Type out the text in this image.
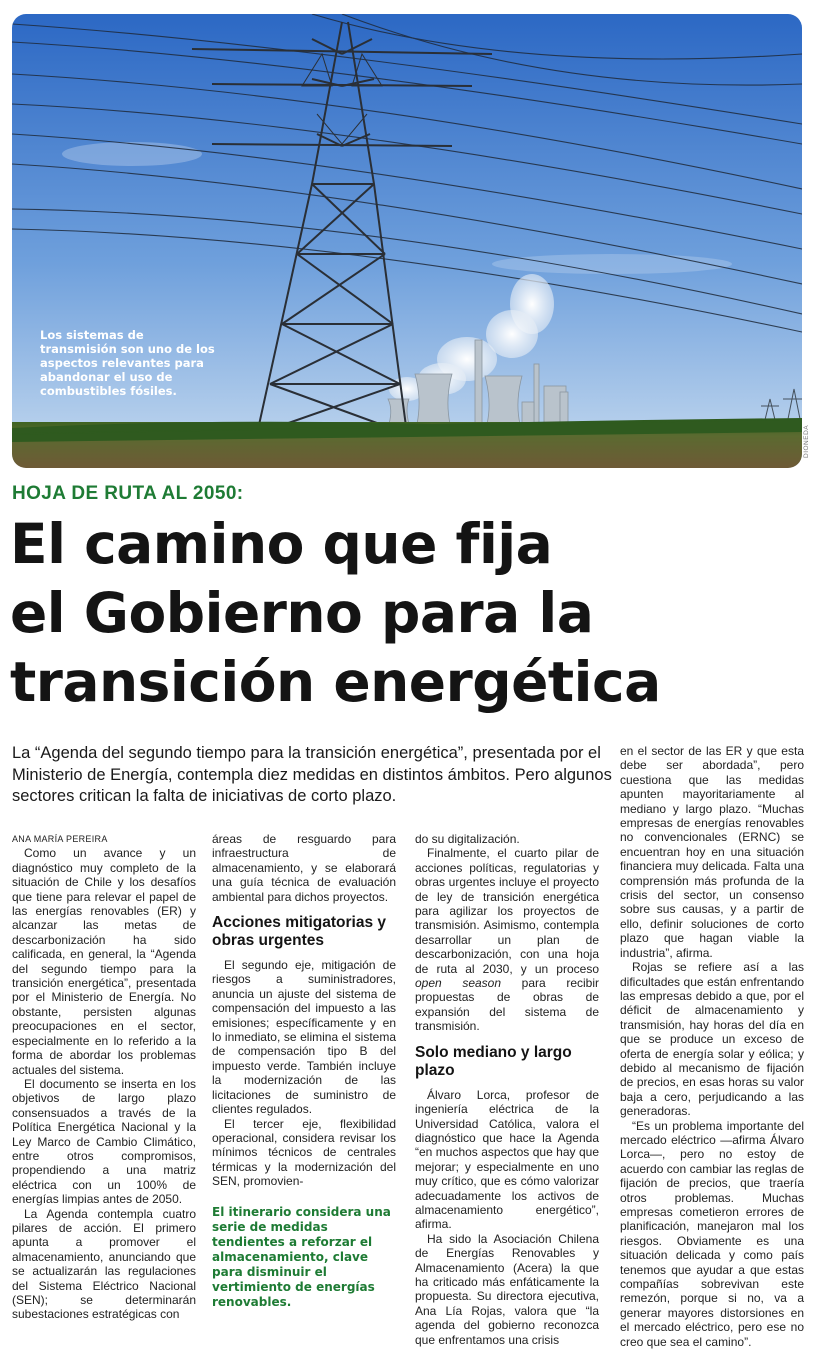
Los sistemas de transmisión son uno de los aspectos relevantes para abandonar el uso de combustibles fósiles.
DIONEDA
HOJA DE RUTA AL 2050:
El camino que fija
el Gobierno para la
transición energética
La “Agenda del segundo tiempo para la transición energética”, presentada por el Ministerio de Energía, contempla diez medidas en distintos ámbitos. Pero algunos sectores critican la falta de iniciativas de corto plazo.

ANA MARÍA PEREIRA

Como un avance y un diagnóstico muy completo de la situación de Chile y los desafíos que tiene para relevar el papel de las energías renovables (ER) y alcanzar las metas de descarbonización ha sido calificada, en general, la “Agenda del segundo tiempo para la transición energética”, presentada por el Ministerio de Energía. No obstante, persisten algunas preocupaciones en el sector, especialmente en lo referido a la forma de abordar los problemas actuales del sistema.

El documento se inserta en los objetivos de largo plazo consensuados a través de la Política Energética Nacional y la Ley Marco de Cambio Climático, entre otros compromisos, propendiendo a una matriz eléctrica con un 100% de energías limpias antes de 2050.

La Agenda contempla cuatro pilares de acción. El primero apunta a promover el almacenamiento, anunciando que se actualizarán las regulaciones del Sistema Eléctrico Nacional (SEN); se determinarán subestaciones estratégicas con

áreas de resguardo para infraestructura de almacenamiento, y se elaborará una guía técnica de evaluación ambiental para dichos proyectos.

Acciones mitigatorias y obras urgentes

El segundo eje, mitigación de riesgos a suministradores, anuncia un ajuste del sistema de compensación del impuesto a las emisiones; específicamente y en lo inmediato, se elimina el sistema de compensación tipo B del impuesto verde. También incluye la modernización de las licitaciones de suministro de clientes regulados.

El tercer eje, flexibilidad operacional, considera revisar los mínimos técnicos de centrales térmicas y la modernización del SEN, promovien-

El itinerario considera una serie de medidas tendientes a reforzar el almacenamiento, clave para disminuir el vertimiento de energías renovables.

do su digitalización.

Finalmente, el cuarto pilar de acciones políticas, regulatorias y obras urgentes incluye el proyecto de ley de transición energética para agilizar los proyectos de transmisión. Asimismo, contempla desarrollar un plan de descarbonización, con una hoja de ruta al 2030, y un proceso open season para recibir propuestas de obras de expansión del sistema de transmisión.

Solo mediano y largo plazo

Álvaro Lorca, profesor de ingeniería eléctrica de la Universidad Católica, valora el diagnóstico que hace la Agenda “en muchos aspectos que hay que mejorar; y especialmente en uno muy crítico, que es cómo valorizar adecuadamente los activos de almacenamiento energético”, afirma.

Ha sido la Asociación Chilena de Energías Renovables y Almacenamiento (Acera) la que ha criticado más enfáticamente la propuesta. Su directora ejecutiva, Ana Lía Rojas, valora que “la agenda del gobierno reconozca que enfrentamos una crisis

en el sector de las ER y que esta debe ser abordada”, pero cuestiona que las medidas apunten mayoritariamente al mediano y largo plazo. “Muchas empresas de energías renovables no convencionales (ERNC) se encuentran hoy en una situación financiera muy delicada. Falta una comprensión más profunda de la crisis del sector, un consenso sobre sus causas, y a partir de ello, definir soluciones de corto plazo que hagan viable la industria”, afirma.

Rojas se refiere así a las dificultades que están enfrentando las empresas debido a que, por el déficit de almacenamiento y transmisión, hay horas del día en que se produce un exceso de oferta de energía solar y eólica; y debido al mecanismo de fijación de precios, en esas horas su valor baja a cero, perjudicando a las generadoras.

“Es un problema importante del mercado eléctrico —afirma Álvaro Lorca—, pero no estoy de acuerdo con cambiar las reglas de fijación de precios, que traería otros problemas. Muchas empresas cometieron errores de planificación, manejaron mal los riesgos. Obviamente es una situación delicada y como país tenemos que ayudar a que estas compañías sobrevivan este remezón, porque si no, va a generar mayores distorsiones en el mercado eléctrico, pero ese no creo que sea el camino”.
